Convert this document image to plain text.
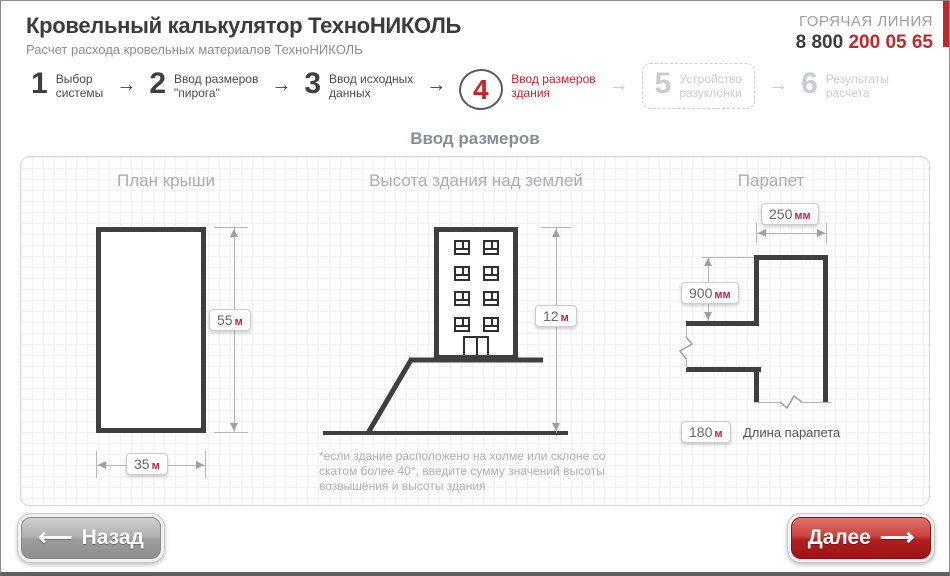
Кровельный калькулятор ТехноНИКОЛЬ
Расчет расхода кровельных материалов ТехноНИКОЛЬ
ГОРЯЧАЯ ЛИНИЯ
8 800 200 05 65
1 Выбор
системы → 2 Ввод размеров
"пирога"	→ 3 Ввод исходных
данных	→ 4 Ввод размеров
здания	→ 5 Устройство
разуклонки → 6 Результаты
расчета
Ввод размеров
План крыши
55 м
35 м
Высота здания над землей
12 м
*если здание расположено на холме или склоне со скатом более 40°, введите сумму значений высоты возвышения и высоты здания
Парапет
250 мм
900 мм
180 м	Длина парапета
⟵ Назад	Далее ⟶
